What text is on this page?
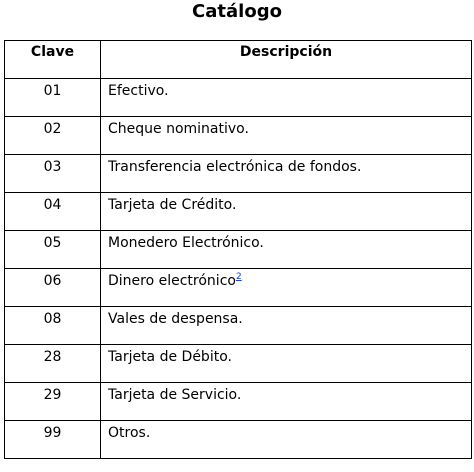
Catálogo
Clave	Descripción
01	Efectivo.
02	Cheque nominativo.
03	Transferencia electrónica de fondos.
04	Tarjeta de Crédito.
05	Monedero Electrónico.
06	Dinero electrónico$^2$
08	Vales de despensa.
28	Tarjeta de Débito.
29	Tarjeta de Servicio.
99	Otros.
